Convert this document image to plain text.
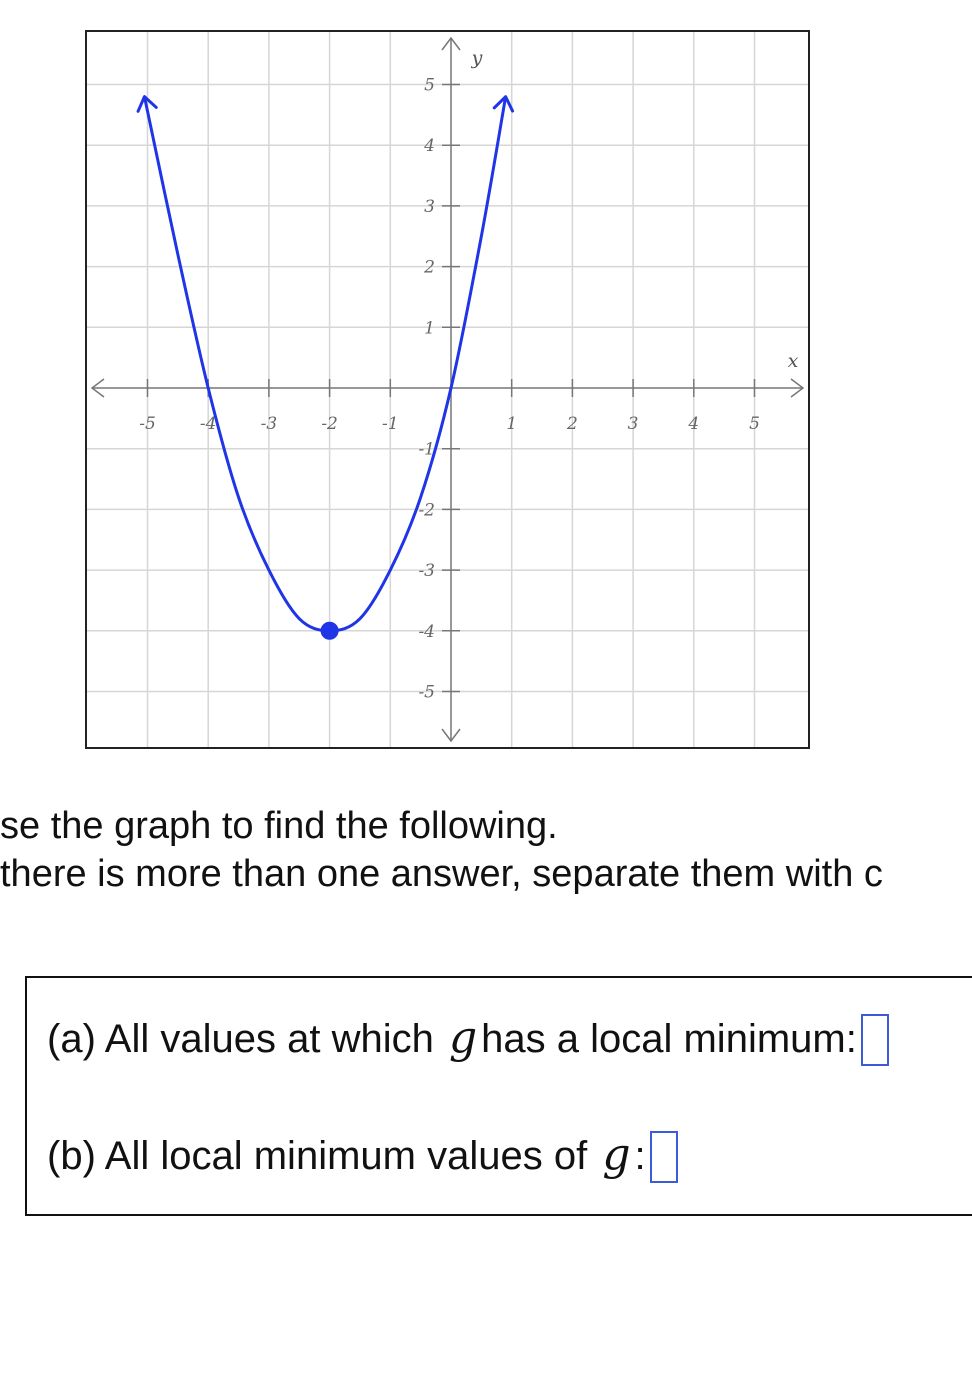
-5	-4	-3	-2	-1	1	2	3	4	5
5
4
3
2
1
-1
-2
-3
-4
-5
x
y
se the graph to find the following.
there is more than one answer, separate them with c
(a) All values at which g has a local minimum:
(b) All local minimum values of g :
